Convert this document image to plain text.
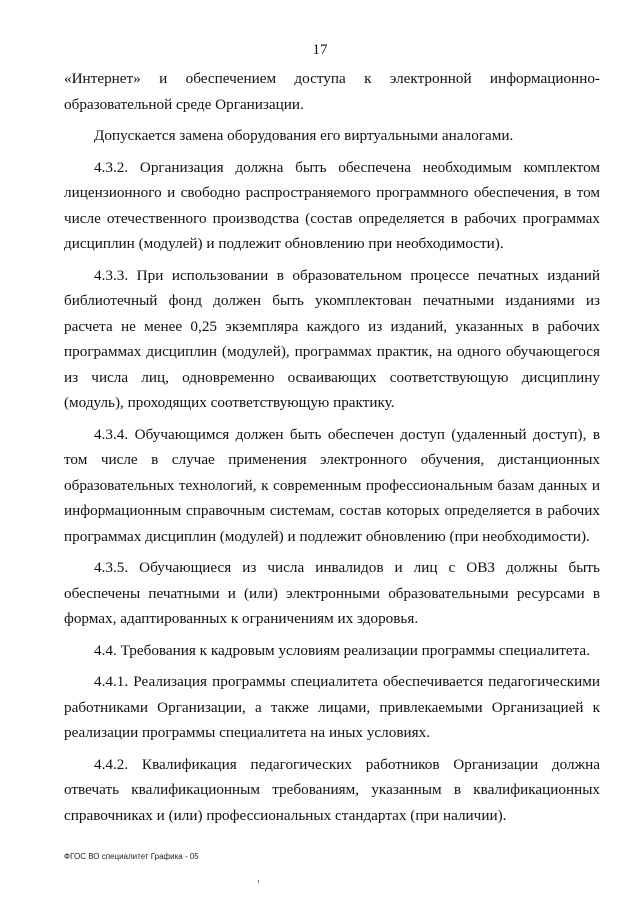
17

«Интернет» и обеспечением доступа к электронной информационно-образовательной среде Организации.

Допускается замена оборудования его виртуальными аналогами.

4.3.2. Организация должна быть обеспечена необходимым комплектом лицензионного и свободно распространяемого программного обеспечения, в том числе отечественного производства (состав определяется в рабочих программах дисциплин (модулей) и подлежит обновлению при необходимости).

4.3.3. При использовании в образовательном процессе печатных изданий библиотечный фонд должен быть укомплектован печатными изданиями из расчета не менее 0,25 экземпляра каждого из изданий, указанных в рабочих программах дисциплин (модулей), программах практик, на одного обучающегося из числа лиц, одновременно осваивающих соответствующую дисциплину (модуль), проходящих соответствующую практику.

4.3.4. Обучающимся должен быть обеспечен доступ (удаленный доступ), в том числе в случае применения электронного обучения, дистанционных образовательных технологий, к современным профессиональным базам данных и информационным справочным системам, состав которых определяется в рабочих программах дисциплин (модулей) и подлежит обновлению (при необходимости).

4.3.5. Обучающиеся из числа инвалидов и лиц с ОВЗ должны быть обеспечены печатными и (или) электронными образовательными ресурсами в формах, адаптированных к ограничениям их здоровья.

4.4. Требования к кадровым условиям реализации программы специалитета.

4.4.1. Реализация программы специалитета обеспечивается педагогическими работниками Организации, а также лицами, привлекаемыми Организацией к реализации программы специалитета на иных условиях.

4.4.2. Квалификация педагогических работников Организации должна отвечать квалификационным требованиям, указанным в квалификационных справочниках и (или) профессиональных стандартах (при наличии).

ФГОС ВО специалитет Графика - 05
